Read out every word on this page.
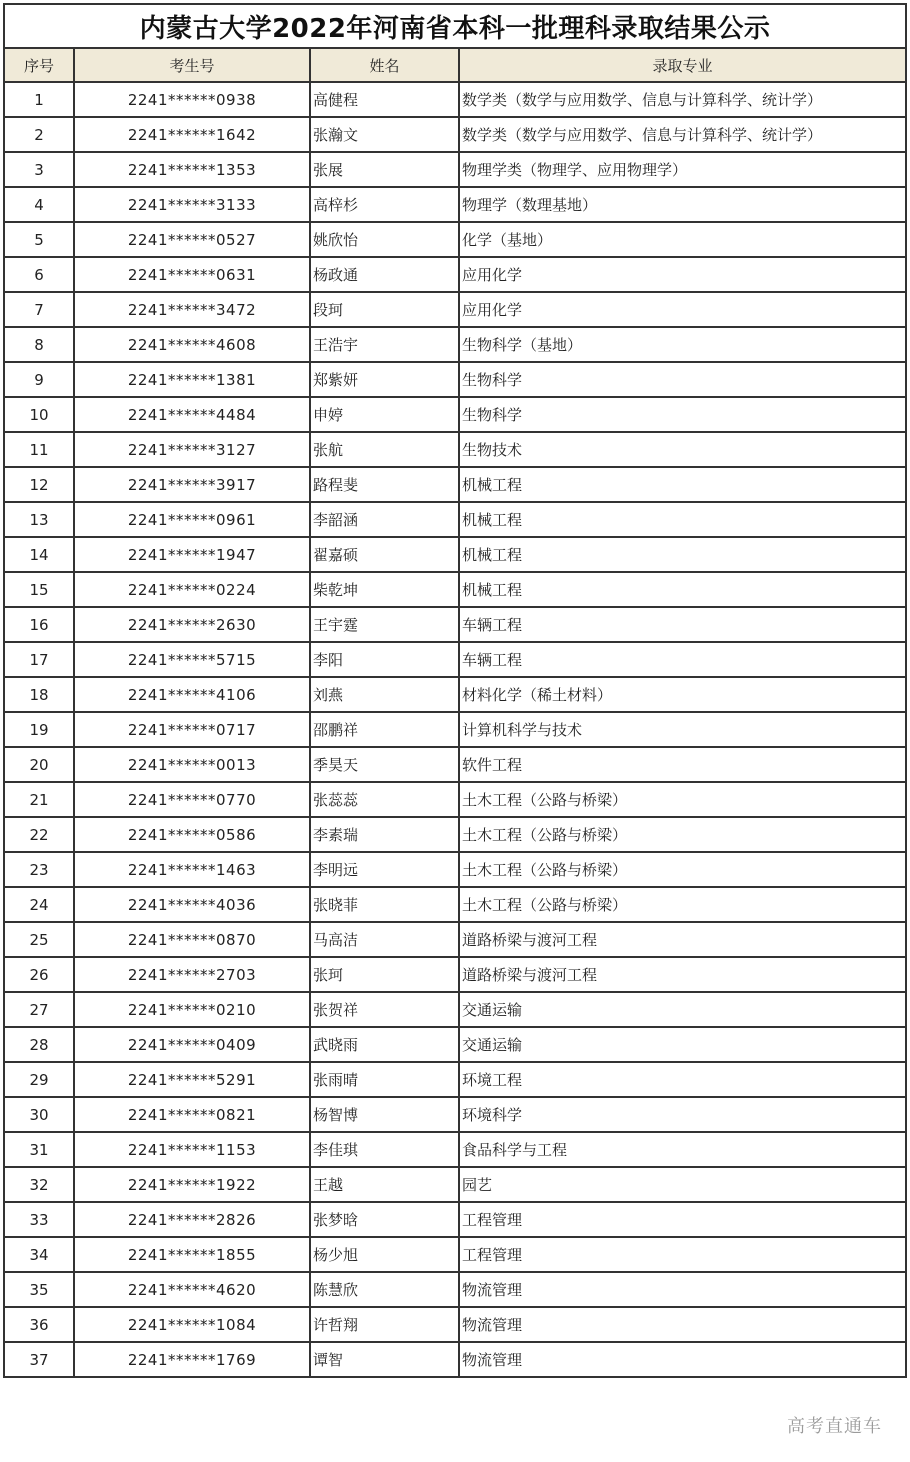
内蒙古大学2022年河南省本科一批理科录取结果公示			
序号	考生号	姓名	录取专业
1	2241******0938	高健程	数学类（数学与应用数学、信息与计算科学、统计学）
2	2241******1642	张瀚文	数学类（数学与应用数学、信息与计算科学、统计学）
3	2241******1353	张展	物理学类（物理学、应用物理学）
4	2241******3133	高梓杉	物理学（数理基地）
5	2241******0527	姚欣怡	化学（基地）
6	2241******0631	杨政通	应用化学
7	2241******3472	段珂	应用化学
8	2241******4608	王浩宇	生物科学（基地）
9	2241******1381	郑紫妍	生物科学
10	2241******4484	申婷	生物科学
11	2241******3127	张航	生物技术
12	2241******3917	路程斐	机械工程
13	2241******0961	李韶涵	机械工程
14	2241******1947	翟嘉硕	机械工程
15	2241******0224	柴乾坤	机械工程
16	2241******2630	王宇霆	车辆工程
17	2241******5715	李阳	车辆工程
18	2241******4106	刘燕	材料化学（稀土材料）
19	2241******0717	邵鹏祥	计算机科学与技术
20	2241******0013	季昊天	软件工程
21	2241******0770	张蕊蕊	土木工程（公路与桥梁）
22	2241******0586	李素瑞	土木工程（公路与桥梁）
23	2241******1463	李明远	土木工程（公路与桥梁）
24	2241******4036	张晓菲	土木工程（公路与桥梁）
25	2241******0870	马高洁	道路桥梁与渡河工程
26	2241******2703	张珂	道路桥梁与渡河工程
27	2241******0210	张贺祥	交通运输
28	2241******0409	武晓雨	交通运输
29	2241******5291	张雨晴	环境工程
30	2241******0821	杨智博	环境科学
31	2241******1153	李佳琪	食品科学与工程
32	2241******1922	王越	园艺
33	2241******2826	张梦晗	工程管理
34	2241******1855	杨少旭	工程管理
35	2241******4620	陈慧欣	物流管理
36	2241******1084	许哲翔	物流管理
37	2241******1769	谭智	物流管理
高考直通车
